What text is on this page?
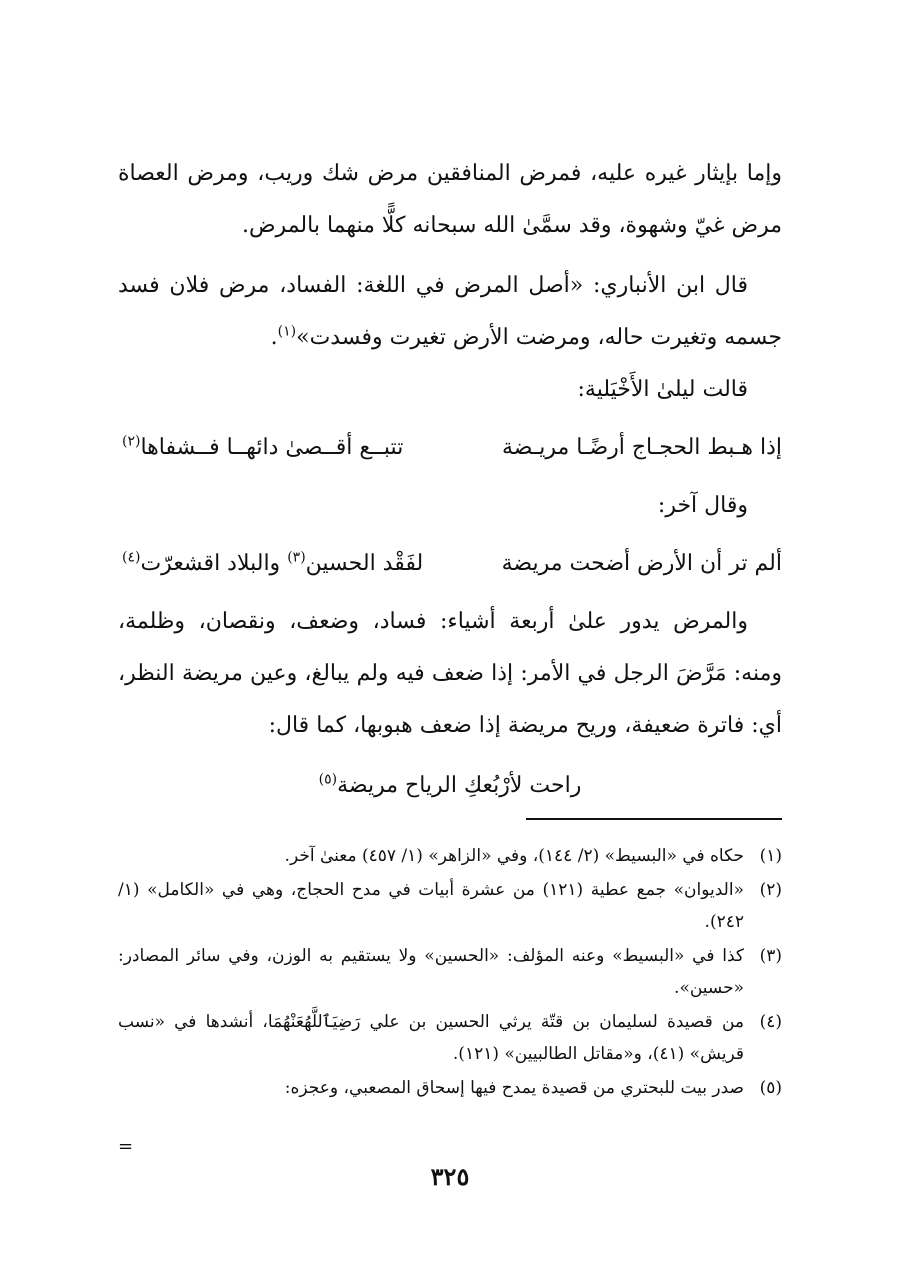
وإما بإيثار غيره عليه، فمرض المنافقين مرض شك وريب، ومرض العصاة مرض غيّ وشهوة، وقد سمَّىٰ الله سبحانه كلًّا منهما بالمرض.

قال ابن الأنباري: «أصل المرض في اللغة: الفساد، مرض فلان فسد جسمه وتغيرت حاله، ومرضت الأرض تغيرت وفسدت»$^{(١)}$.

قالت ليلىٰ الأَخْيَلية:

إذا هـبط الحجـاج أرضًـا مريـضة
تتبــع أقــصىٰ دائهــا فــشفاها$^{(٢)}$

وقال آخر:

ألم تر أن الأرض أضحت مريضة
لفَقْد الحسين$^{(٣)}$ والبلاد اقشعرّت$^{(٤)}$

والمرض يدور علىٰ أربعة أشياء: فساد، وضعف، ونقصان، وظلمة، ومنه: مَرَّضَ الرجل في الأمر: إذا ضعف فيه ولم يبالغ، وعين مريضة النظر، أي: فاترة ضعيفة، وريح مريضة إذا ضعف هبوبها، كما قال:

راحت لأرْبُعكِ الرياح مريضة$^{(٥)}$
(١)
حكاه في «البسيط» (٢/ ١٤٤)، وفي «الزاهر» (١/ ٤٥٧) معنىٰ آخر.
(٢)
«الديوان» جمع عطية (١٢١) من عشرة أبيات في مدح الحجاج، وهي في «الكامل» (١/ ٢٤٢).
(٣)
كذا في «البسيط» وعنه المؤلف: «الحسين» ولا يستقيم به الوزن، وفي سائر المصادر: «حسين».
(٤)
من قصيدة لسليمان بن قتّة يرثي الحسين بن علي رَضِيَٱللَّهُعَنْهُمَا، أنشدها في «نسب قريش» (٤١)، و«مقاتل الطالبيين» (١٢١).
(٥)
صدر بيت للبحتري من قصيدة يمدح فيها إسحاق المصعبي، وعجزه:
=
٣٢٥
